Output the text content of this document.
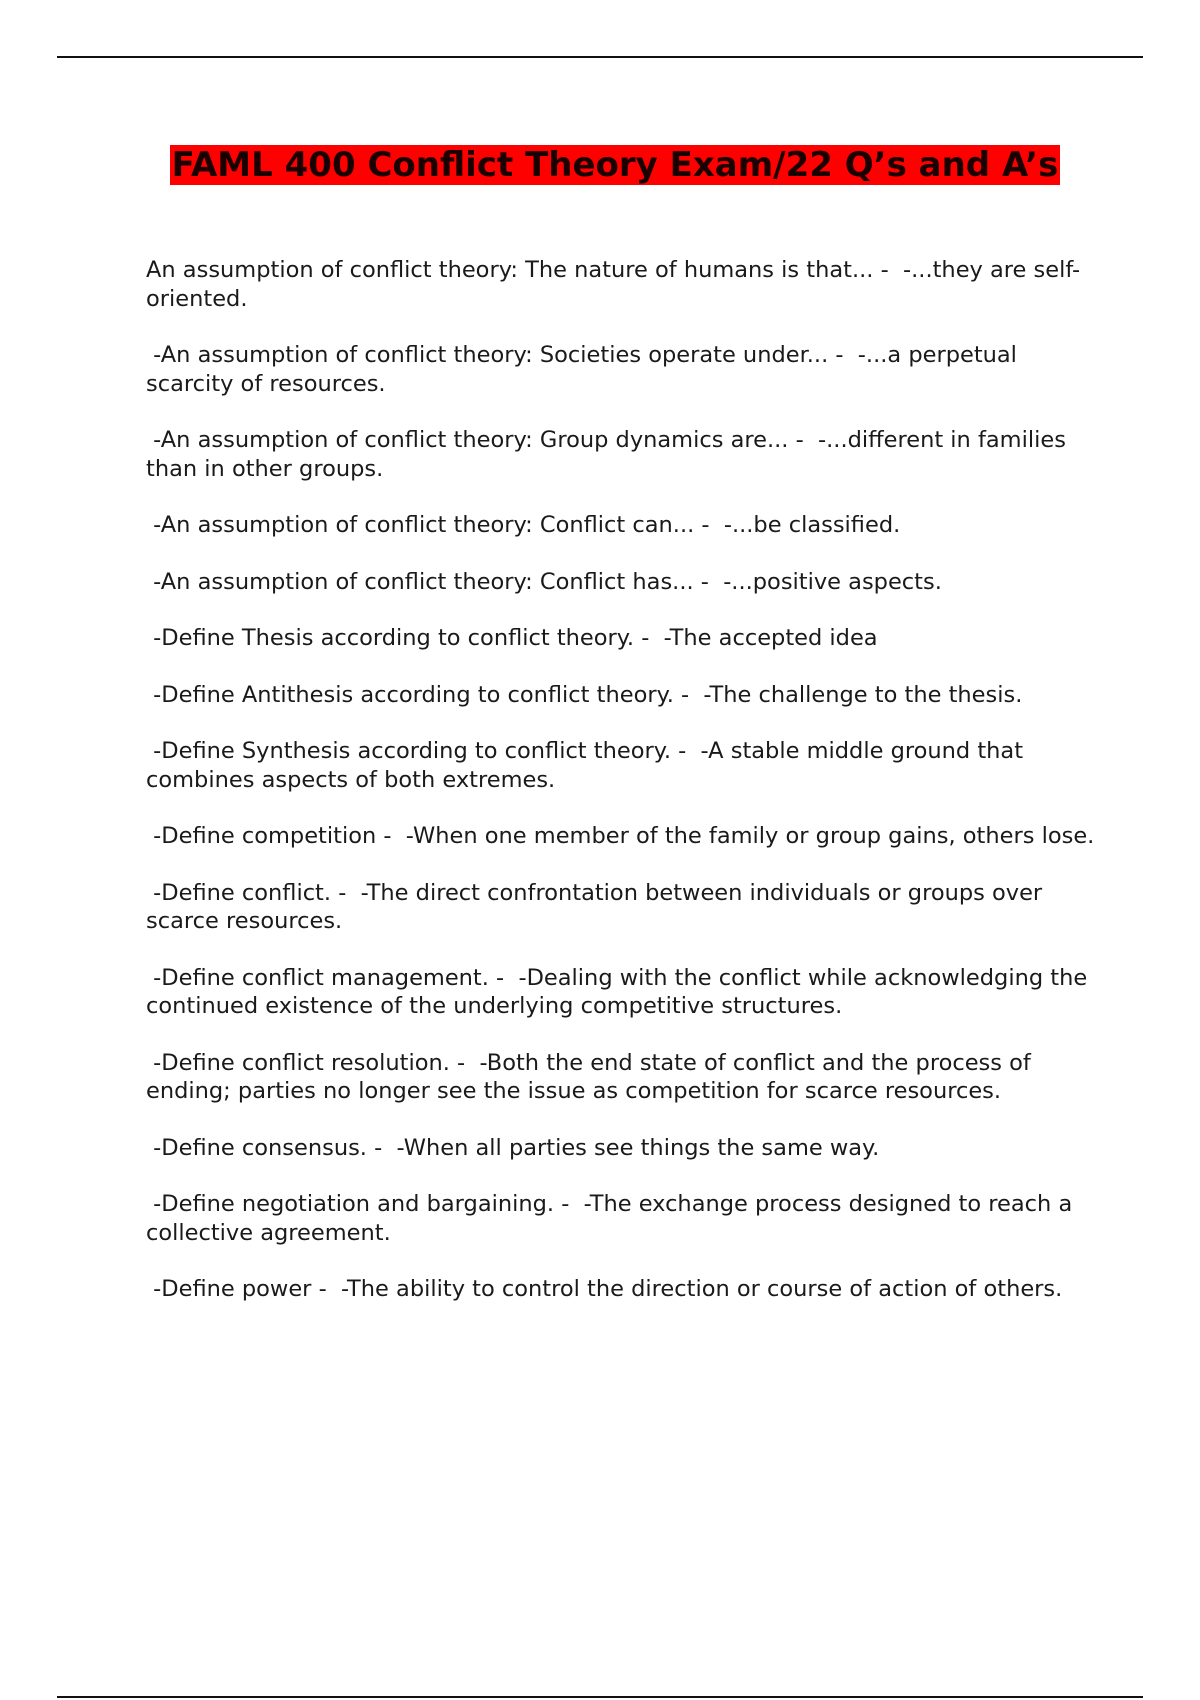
FAML 400 Conflict Theory Exam/22 Q’s and A’s
An assumption of conflict theory: The nature of humans is that... -  -...they are self-oriented.
-An assumption of conflict theory: Societies operate under... -  -...a perpetual scarcity of resources.
-An assumption of conflict theory: Group dynamics are... -  -...different in families than in other groups.
-An assumption of conflict theory: Conflict can... -  -...be classified.
-An assumption of conflict theory: Conflict has... -  -...positive aspects.
-Define Thesis according to conflict theory. -  -The accepted idea
-Define Antithesis according to conflict theory. -  -The challenge to the thesis.
-Define Synthesis according to conflict theory. -  -A stable middle ground that combines aspects of both extremes.
-Define competition -  -When one member of the family or group gains, others lose.
-Define conflict. -  -The direct confrontation between individuals or groups over scarce resources.
-Define conflict management. -  -Dealing with the conflict while acknowledging the continued existence of the underlying competitive structures.
-Define conflict resolution. -  -Both the end state of conflict and the process of ending; parties no longer see the issue as competition for scarce resources.
-Define consensus. -  -When all parties see things the same way.
-Define negotiation and bargaining. -  -The exchange process designed to reach a collective agreement.
-Define power -  -The ability to control the direction or course of action of others.
